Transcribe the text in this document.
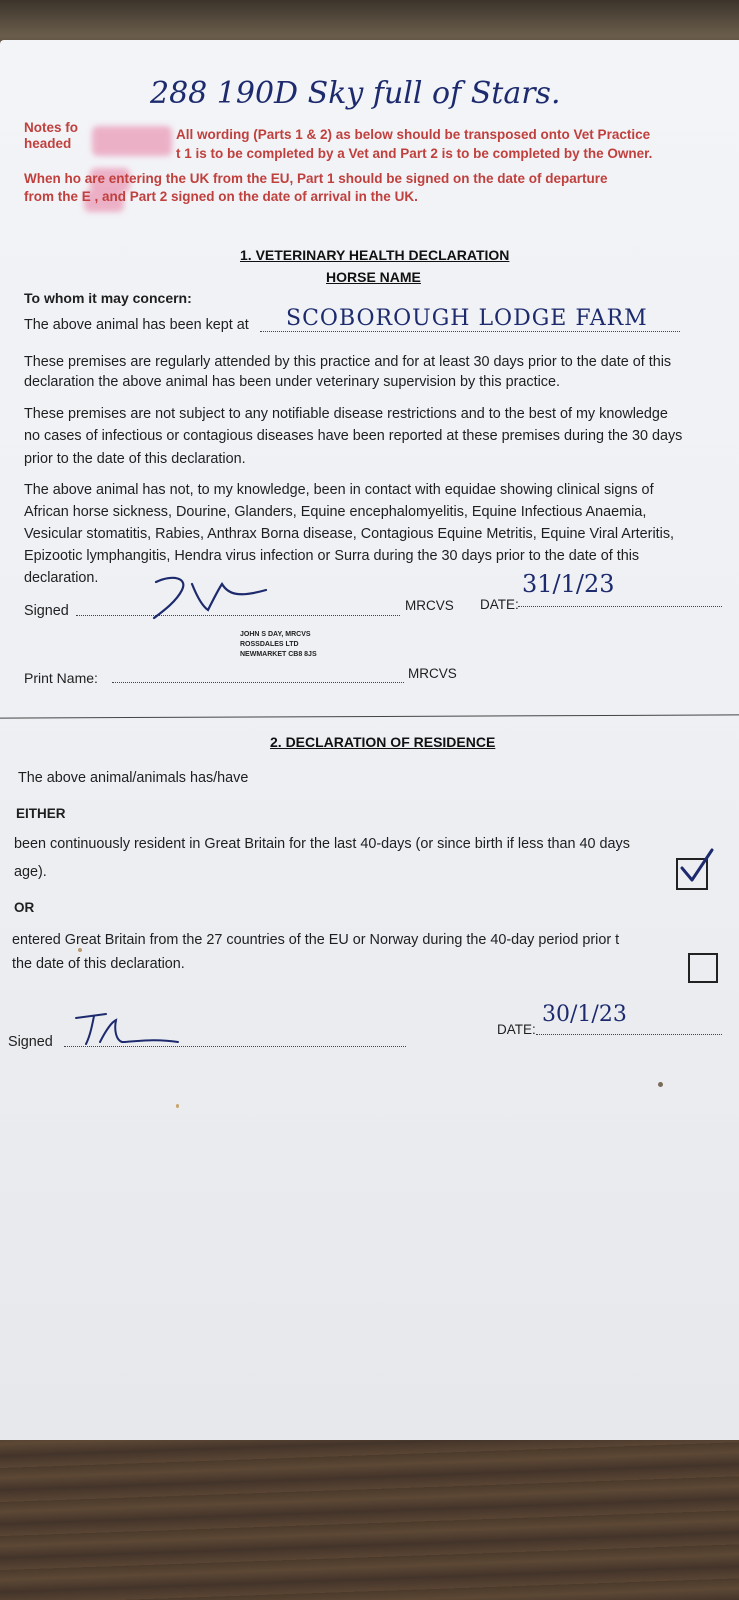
288 190D Sky full of Stars.
Notes fo	All wording (Parts 1 & 2) as below should be transposed onto Vet Practice
headed
t 1 is to be completed by a Vet and Part 2 is to be completed by the Owner.
When ho are entering the UK from the EU, Part 1 should be signed on the date of departure
from the E , and Part 2 signed on the date of arrival in the UK.
1. VETERINARY HEALTH DECLARATION
HORSE NAME
To whom it may concern:
The above animal has been kept at SCOBOROUGH LODGE FARM
These premises are regularly attended by this practice and for at least 30 days prior to the date of this
declaration the above animal has been under veterinary supervision by this practice.
These premises are not subject to any notifiable disease restrictions and to the best of my knowledge
no cases of infectious or contagious diseases have been reported at these premises during the 30 days
prior to the date of this declaration.
The above animal has not, to my knowledge, been in contact with equidae showing clinical signs of
African horse sickness, Dourine, Glanders, Equine encephalomyelitis, Equine Infectious Anaemia,
Vesicular stomatitis, Rabies, Anthrax Borna disease, Contagious Equine Metritis, Equine Viral Arteritis,
Epizootic lymphangitis, Hendra virus infection or Surra during the 30 days prior to the date of this
declaration.
Signed	MRCVS DATE:
31/1/23
JOHN S DAY, MRCVS
ROSSDALES LTD
NEWMARKET CB8 8JS
Print Name:	MRCVS
2. DECLARATION OF RESIDENCE
The above animal/animals has/have
EITHER
been continuously resident in Great Britain for the last 40-days (or since birth if less than 40 days
age).
OR
entered Great Britain from the 27 countries of the EU or Norway during the 40-day period prior t
the date of this declaration.
Signed
DATE:
30/1/23
